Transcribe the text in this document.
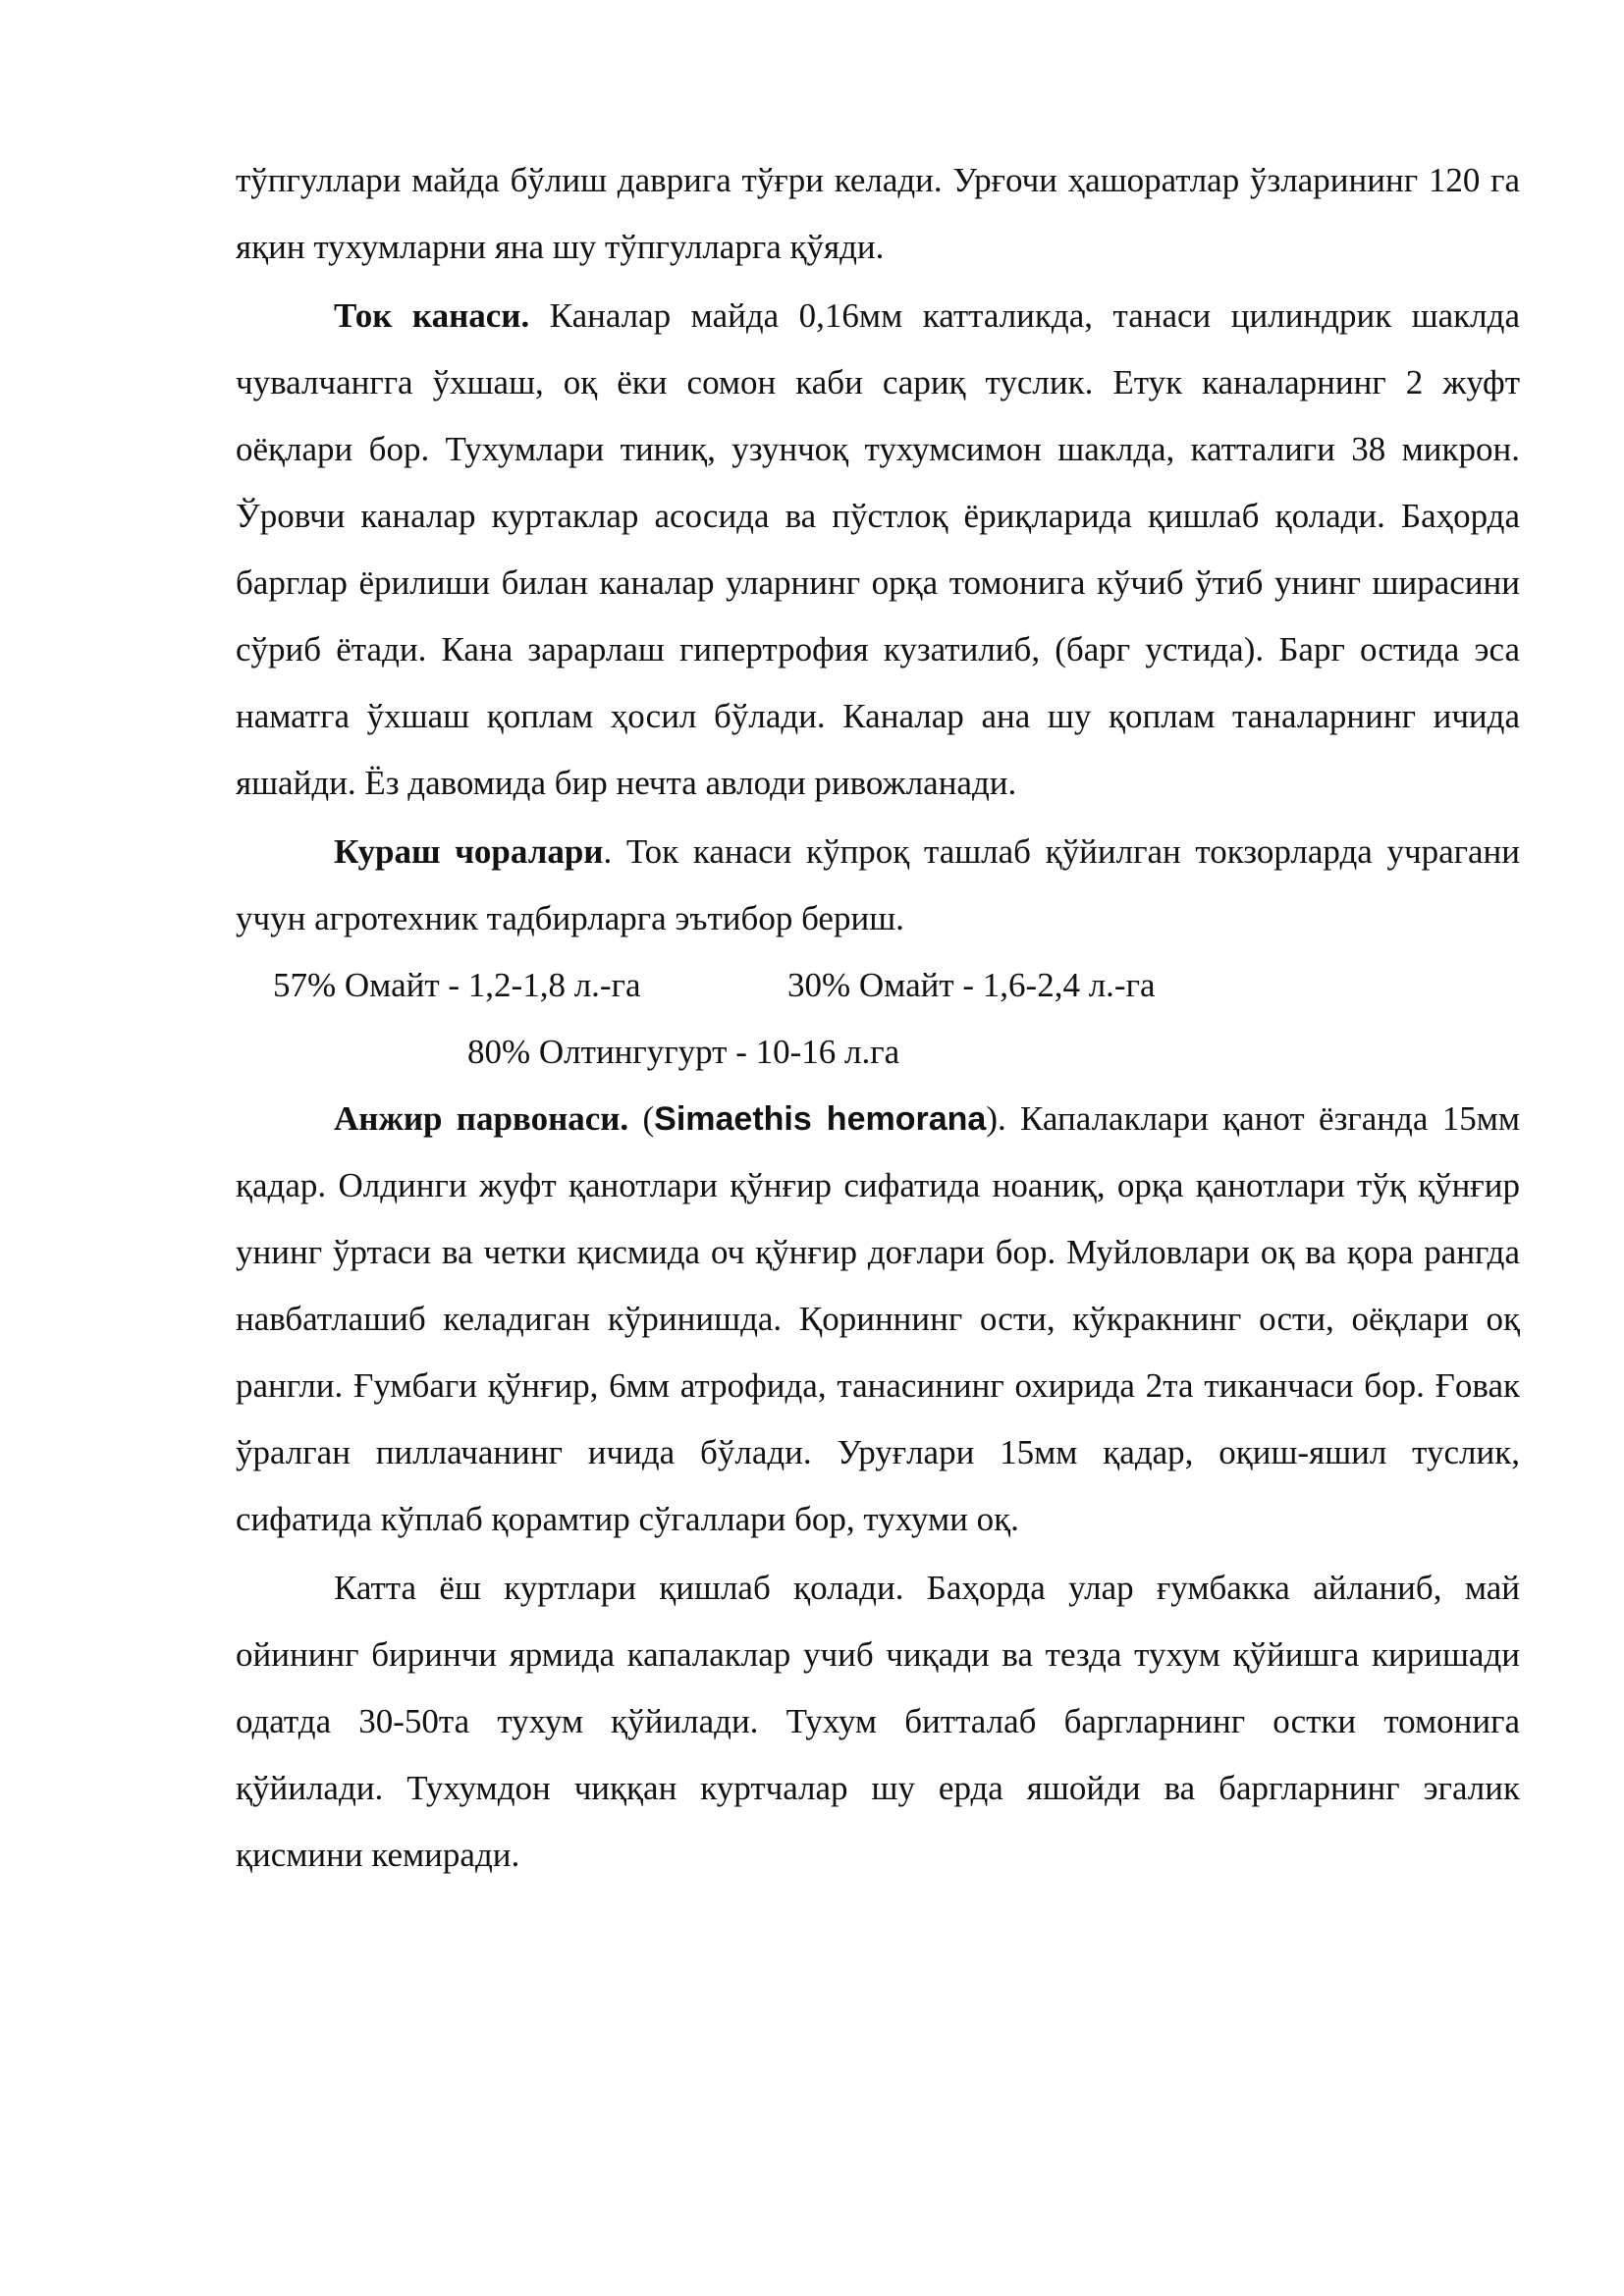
тўпгуллари майда бўлиш даврига тўғри келади. Урғочи ҳашоратлар ўзларининг 120 га яқин тухумларни яна шу тўпгулларга қўяди.

Ток канаси. Каналар майда 0,16мм катталикда, танаси цилиндрик шаклда чувалчангга ўхшаш, оқ ёки сомон каби сариқ туслик. Етук каналарнинг 2 жуфт оёқлари бор. Тухумлари тиниқ, узунчоқ тухумсимон шаклда, катталиги 38 микрон. Ўровчи каналар куртаклар асосида ва пўстлоқ ёриқларида қишлаб қолади. Баҳорда барглар ёрилиши билан каналар уларнинг орқа томонига кўчиб ўтиб унинг ширасини сўриб ётади. Кана зарарлаш гипертрофия кузатилиб, (барг устида). Барг остида эса наматга ўхшаш қоплам ҳосил бўлади. Каналар ана шу қоплам таналарнинг ичида яшайди. Ёз давомида бир нечта авлоди ривожланади.

Кураш чоралари. Ток канаси кўпроқ ташлаб қўйилган токзорларда учрагани учун агротехник тадбирларга эътибор бериш.

57% Омайт - 1,2-1,8 л.-га	30% Омайт - 1,6-2,4 л.-га
80% Олтингугурт - 10-16 л.га

Анжир парвонаси. (Simaethis hemorana). Капалаклари қанот ёзганда 15мм қадар. Олдинги жуфт қанотлари қўнғир сифатида ноаниқ, орқа қанотлари тўқ қўнғир унинг ўртаси ва четки қисмида оч қўнғир доғлари бор. Муйловлари оқ ва қора рангда навбатлашиб келадиган кўринишда. Қориннинг ости, кўкракнинг ости, оёқлари оқ рангли. Ғумбаги қўнғир, 6мм атрофида, танасининг охирида 2та тиканчаси бор. Ғовак ўралган пиллачанинг ичида бўлади. Уруғлари 15мм қадар, оқиш-яшил туслик, сифатида кўплаб қорамтир сўгаллари бор, тухуми оқ.

Катта ёш куртлари қишлаб қолади. Баҳорда улар ғумбакка айланиб, май ойининг биринчи ярмида капалаклар учиб чиқади ва тезда тухум қўйишга киришади одатда 30-50та тухум қўйилади. Тухум битталаб баргларнинг остки томонига қўйилади. Тухумдон чиққан куртчалар шу ерда яшойди ва баргларнинг эгалик қисмини кемиради.
